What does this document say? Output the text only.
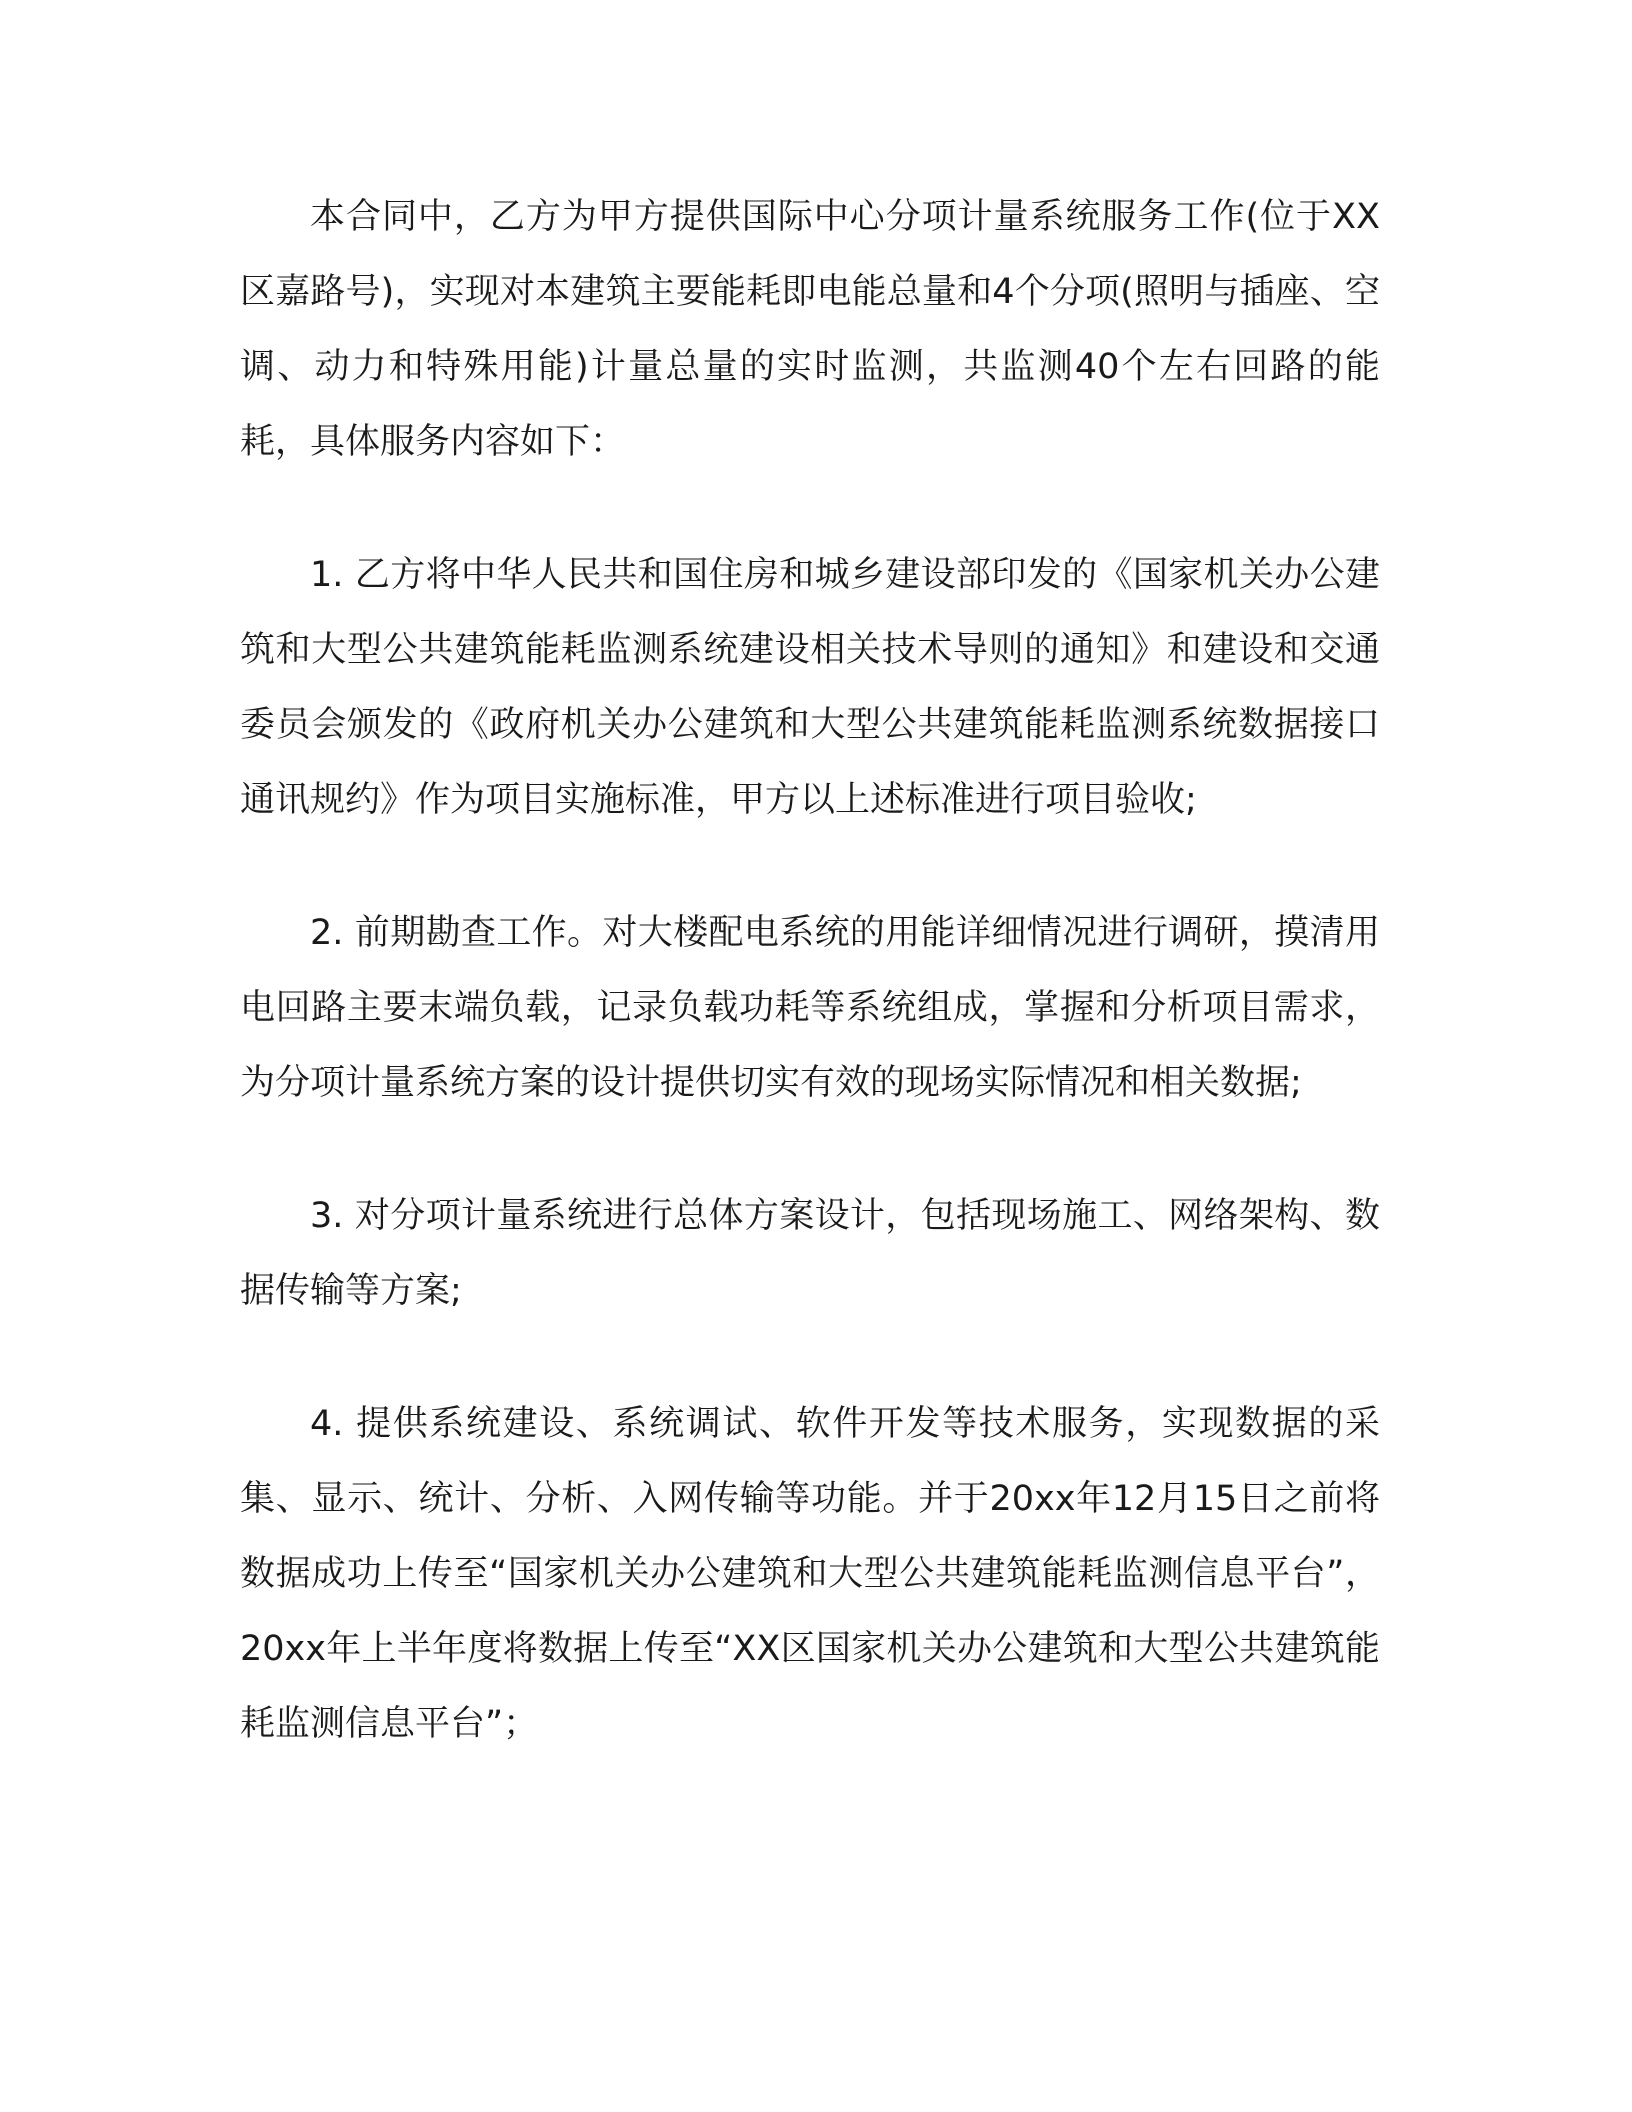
本合同中，乙方为甲方提供国际中心分项计量系统服务工作(位于XX区嘉路号)，实现对本建筑主要能耗即电能总量和4个分项(照明与插座、空调、动力和特殊用能)计量总量的实时监测，共监测40个左右回路的能耗，具体服务内容如下：

1. 乙方将中华人民共和国住房和城乡建设部印发的《国家机关办公建筑和大型公共建筑能耗监测系统建设相关技术导则的通知》和建设和交通委员会颁发的《政府机关办公建筑和大型公共建筑能耗监测系统数据接口通讯规约》作为项目实施标准，甲方以上述标准进行项目验收;

2. 前期勘查工作。对大楼配电系统的用能详细情况进行调研，摸清用电回路主要末端负载，记录负载功耗等系统组成，掌握和分析项目需求，为分项计量系统方案的设计提供切实有效的现场实际情况和相关数据;

3. 对分项计量系统进行总体方案设计，包括现场施工、网络架构、数据传输等方案;

4. 提供系统建设、系统调试、软件开发等技术服务，实现数据的采集、显示、统计、分析、入网传输等功能。并于20xx年12月15日之前将数据成功上传至“国家机关办公建筑和大型公共建筑能耗监测信息平台”，20xx年上半年度将数据上传至“XX区国家机关办公建筑和大型公共建筑能耗监测信息平台”；
